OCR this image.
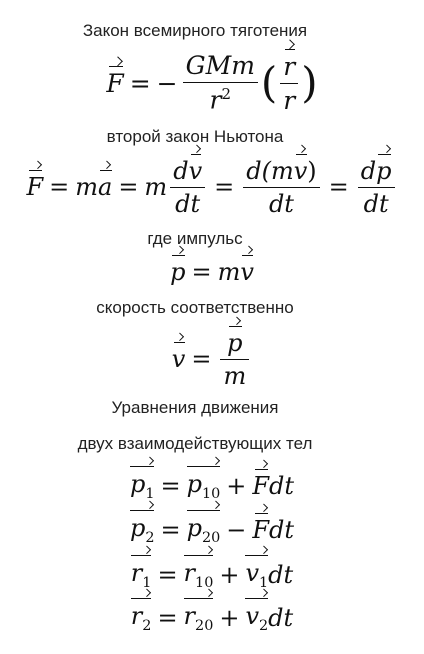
Закон всемирного тяготения
F = − $\frac{\text{GMm}}{r^2}$ ( $\frac{r}{r}$ )
второй закон Ньютона
F = m a = m $\frac{dv}{dt} = \frac{d(mv)}{dt} = \frac{dp}{dt}$
где импульс
p = m v
скорость соответственно
$v = \frac{p}{m}$
Уравнения движения
двух взаимодействующих тел
$p_1 = p_{10} + F$ dt
$p_2 = p_{20} - F$ dt
$r_1 = r_{10} + v_1$ dt
$r_2 = r_{20} + v_2$ dt
